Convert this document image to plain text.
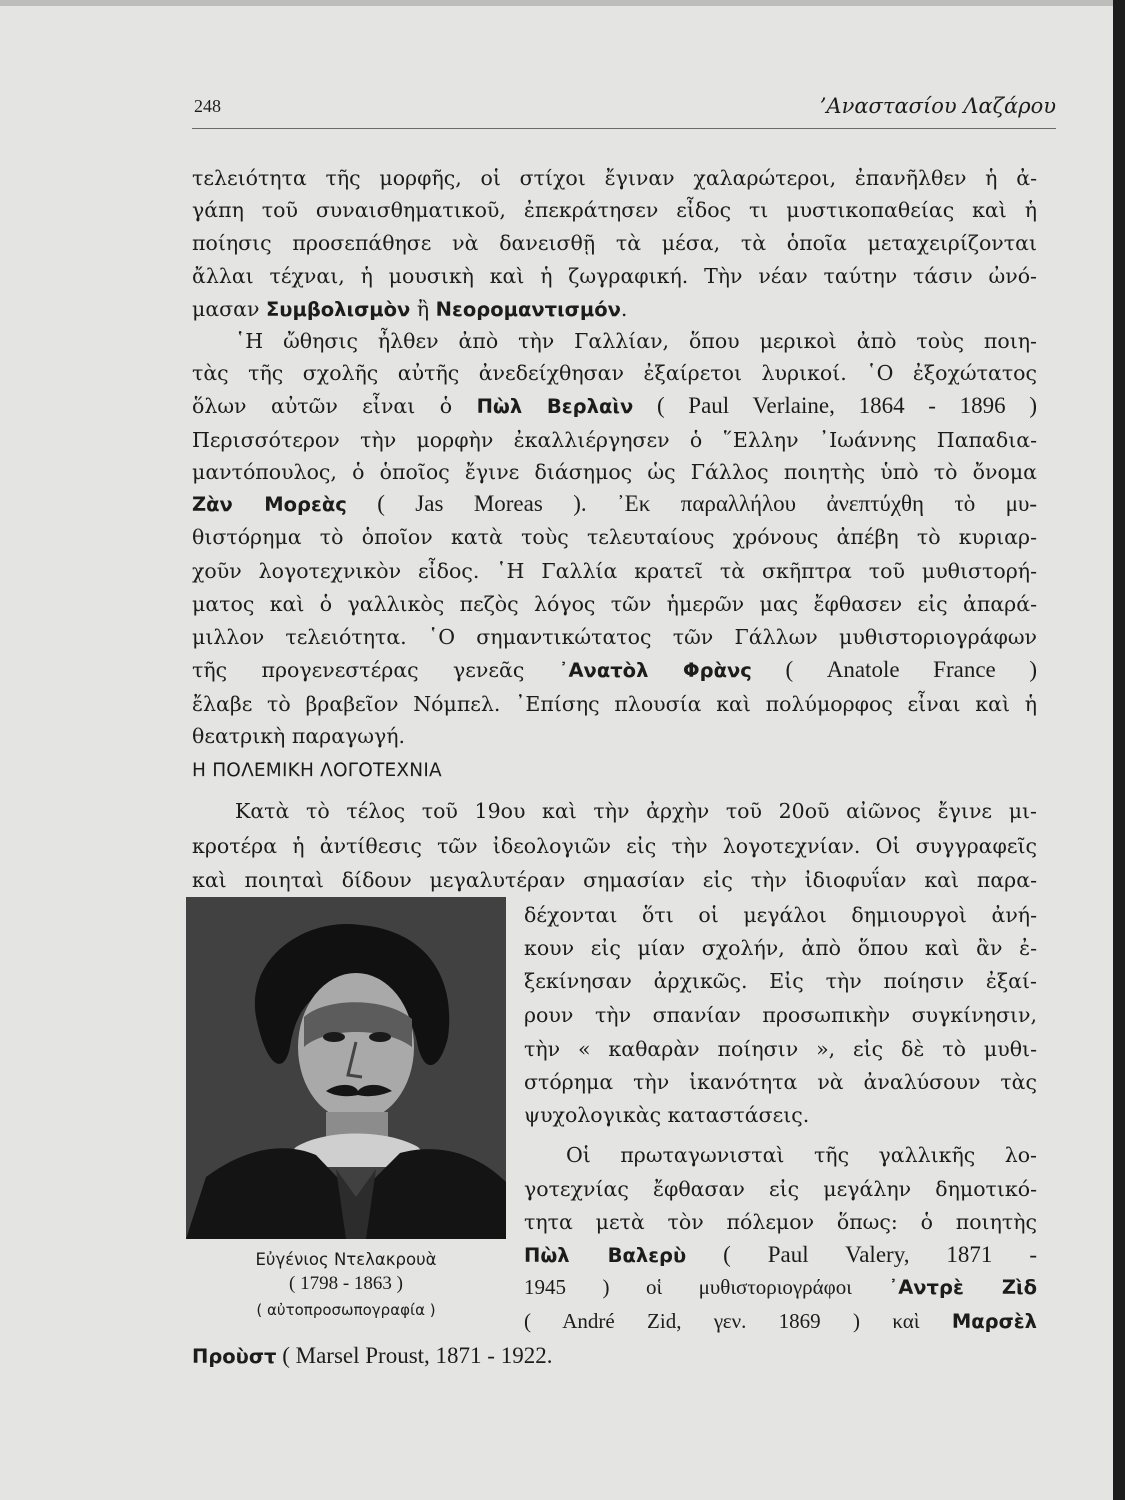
248	’Αναστασίου Λαζάρου
τελειότητα τῆς μορφῆς, οἱ στίχοι ἔγιναν χαλαρώτεροι, ἐπανῆλθεν ἡ ἀ-
γάπη τοῦ συναισθηματικοῦ, ἐπεκράτησεν εἶδος τι μυστικοπαθείας καὶ ἡ
ποίησις προσεπάθησε νὰ δανεισθῇ τὰ μέσα, τὰ ὁποῖα μεταχειρίζονται
ἄλλαι τέχναι, ἡ μουσικὴ καὶ ἡ ζωγραφική. Τὴν νέαν ταύτην τάσιν ὠνό-
μασαν Συμβολισμὸν ἢ Νεορομαντισμόν.
῾Η ὤθησις ἦλθεν ἀπὸ τὴν Γαλλίαν, ὅπου μερικοὶ ἀπὸ τοὺς ποιη-
τὰς τῆς σχολῆς αὐτῆς ἀνεδείχθησαν ἐξαίρετοι λυρικοί. ῾Ο ἐξοχώτατος
ὅλων αὐτῶν εἶναι ὁ Πὼλ Βερλαὶν ( Paul Verlaine, 1864 - 1896 )
Περισσότερον τὴν μορφὴν ἐκαλλιέργησεν ὁ ῞Ελλην ᾿Ιωάννης Παπαδια-
μαντόπουλος, ὁ ὁποῖος ἔγινε διάσημος ὡς Γάλλος ποιητὴς ὑπὸ τὸ ὄνομα
Ζὰν Μορεὰς ( Jas Moreas ). ᾿Εκ παραλλήλου ἀνεπτύχθη τὸ μυ-
θιστόρημα τὸ ὁποῖον κατὰ τοὺς τελευταίους χρόνους ἀπέβη τὸ κυριαρ-
χοῦν λογοτεχνικὸν εἶδος. ῾Η Γαλλία κρατεῖ τὰ σκῆπτρα τοῦ μυθιστορή-
ματος καὶ ὁ γαλλικὸς πεζὸς λόγος τῶν ἡμερῶν μας ἔφθασεν εἰς ἀπαρά-
μιλλον τελειότητα. ῾Ο σημαντικώτατος τῶν Γάλλων μυθιστοριογράφων
τῆς προγενεστέρας γενεᾶς ᾿Ανατὸλ Φρὰνς ( Anatole France )
ἔλαβε τὸ βραβεῖον Νόμπελ. ᾿Επίσης πλουσία καὶ πολύμορφος εἶναι καὶ ἡ
θεατρικὴ παραγωγή.
Η ΠΟΛΕΜΙΚΗ ΛΟΓΟΤΕΧΝΙΑ
Κατὰ τὸ τέλος τοῦ 19ου καὶ τὴν ἀρχὴν τοῦ 20οῦ αἰῶνος ἔγινε μι-
κροτέρα ἡ ἀντίθεσις τῶν ἰδεολογιῶν εἰς τὴν λογοτεχνίαν. Οἱ συγγραφεῖς
καὶ ποιηταὶ δίδουν μεγαλυτέραν σημασίαν εἰς τὴν ἰδιοφυΐαν καὶ παρα-
δέχονται ὅτι οἱ μεγάλοι δημιουργοὶ ἀνή-
κουν εἰς μίαν σχολήν, ἀπὸ ὅπου καὶ ἂν ἐ-
ξεκίνησαν ἀρχικῶς. Εἰς τὴν ποίησιν ἐξαί-
ρουν τὴν σπανίαν προσωπικὴν συγκίνησιν,
τὴν « καθαρὰν ποίησιν », εἰς δὲ τὸ μυθι-
στόρημα τὴν ἱκανότητα νὰ ἀναλύσουν τὰς
ψυχολογικὰς καταστάσεις.
Οἱ πρωταγωνισταὶ τῆς γαλλικῆς λο-
γοτεχνίας ἔφθασαν εἰς μεγάλην δημοτικό-
τητα μετὰ τὸν πόλεμον ὅπως: ὁ ποιητὴς
Πὼλ Βαλερὺ ( Paul Valery, 1871 -
1945 ) οἱ μυθιστοριογράφοι ᾿Αντρὲ Ζὶδ
( André Zid, γεν. 1869 ) καὶ Μαρσὲλ
Προὺστ ( Marsel Proust, 1871 - 1922.
Εὐγένιος Ντελακρουὰ
( 1798 - 1863 )
( αὐτοπροσωπογραφία )
